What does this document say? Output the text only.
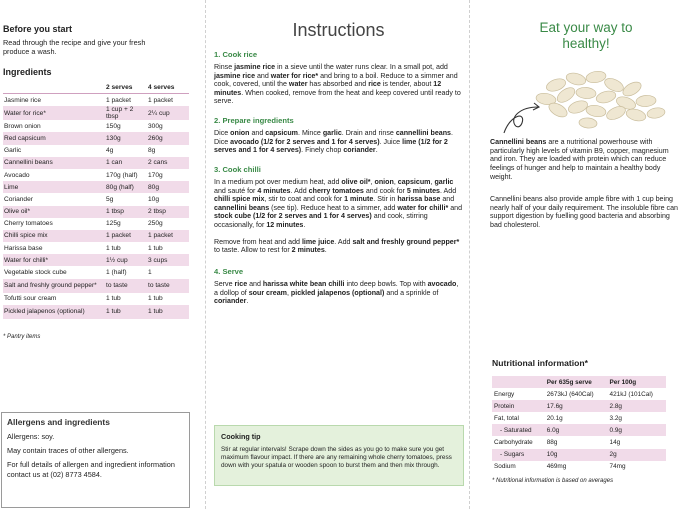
Before you start

Read through the recipe and give your fresh produce a wash.

Ingredients
	2 serves	4 serves
Jasmine rice	1 packet	1 packet
Water for rice*	1 cup + 2 tbsp	2¼ cup
Brown onion	150g	300g
Red capsicum	130g	260g
Garlic	4g	8g
Cannellini beans	1 can	2 cans
Avocado	170g (half)	170g
Lime	80g (half)	80g
Coriander	5g	10g
Olive oil*	1 tbsp	2 tbsp
Cherry tomatoes	125g	250g
Chilli spice mix	1 packet	1 packet
Harissa base	1 tub	1 tub
Water for chilli*	1½ cup	3 cups
Vegetable stock cube	1 (half)	1
Salt and freshly ground pepper*	to taste	to taste
Tofutti sour cream	1 tub	1 tub
Pickled jalapenos (optional)	1 tub	1 tub

* Pantry items

Allergens and ingredients

Allergens: soy.

May contain traces of other allergens.

For full details of allergen and ingredient information contact us at (02) 8773 4584.

Instructions

1. Cook rice

Rinse jasmine rice in a sieve until the water runs clear. In a small pot, add jasmine rice and water for rice* and bring to a boil. Reduce to a simmer and cook, covered, until the water has absorbed and rice is tender, about 12 minutes. When cooked, remove from the heat and keep covered until ready to serve.

2. Prepare ingredients

Dice onion and capsicum. Mince garlic. Drain and rinse cannellini beans. Dice avocado (1/2 for 2 serves and 1 for 4 serves). Juice lime (1/2 for 2 serves and 1 for 4 serves). Finely chop coriander.

3. Cook chilli

In a medium pot over medium heat, add olive oil*, onion, capsicum, garlic and sauté for 4 minutes. Add cherry tomatoes and cook for 5 minutes. Add chilli spice mix, stir to coat and cook for 1 minute. Stir in harissa base and cannellini beans (see tip). Reduce heat to a simmer, add water for chilli* and stock cube (1/2 for 2 serves and 1 for 4 serves) and cook, stirring occasionally, for 12 minutes.

Remove from heat and add lime juice. Add salt and freshly ground pepper* to taste. Allow to rest for 2 minutes.

4. Serve

Serve rice and harissa white bean chilli into deep bowls. Top with avocado, a dollop of sour cream, pickled jalapenos (optional) and a sprinkle of coriander.

Cooking tip

Stir at regular intervals! Scrape down the sides as you go to make sure you get maximum flavour impact. If there are any remaining whole cherry tomatoes, press down with your spatula or wooden spoon to burst them and then mix through.

Eat your way to healthy!

Cannellini beans are a nutritional powerhouse with particularly high levels of vitamin B9, copper, magnesium and iron. They are loaded with protein which can reduce feelings of hunger and help to maintain a healthy body weight.

Cannellini beans also provide ample fibre with 1 cup being nearly half of your daily requirement. The insoluble fibre can support digestion by fuelling good bacteria and absorbing bad cholesterol.

Nutritional information*
	Per 635g serve	Per 100g
Energy	2673kJ (640Cal)	421kJ (101Cal)
Protein	17.6g	2.8g
Fat, total	20.1g	3.2g
- Saturated	6.0g	0.9g
Carbohydrate	88g	14g
- Sugars	10g	2g
Sodium	469mg	74mg

* Nutritional information is based on averages
